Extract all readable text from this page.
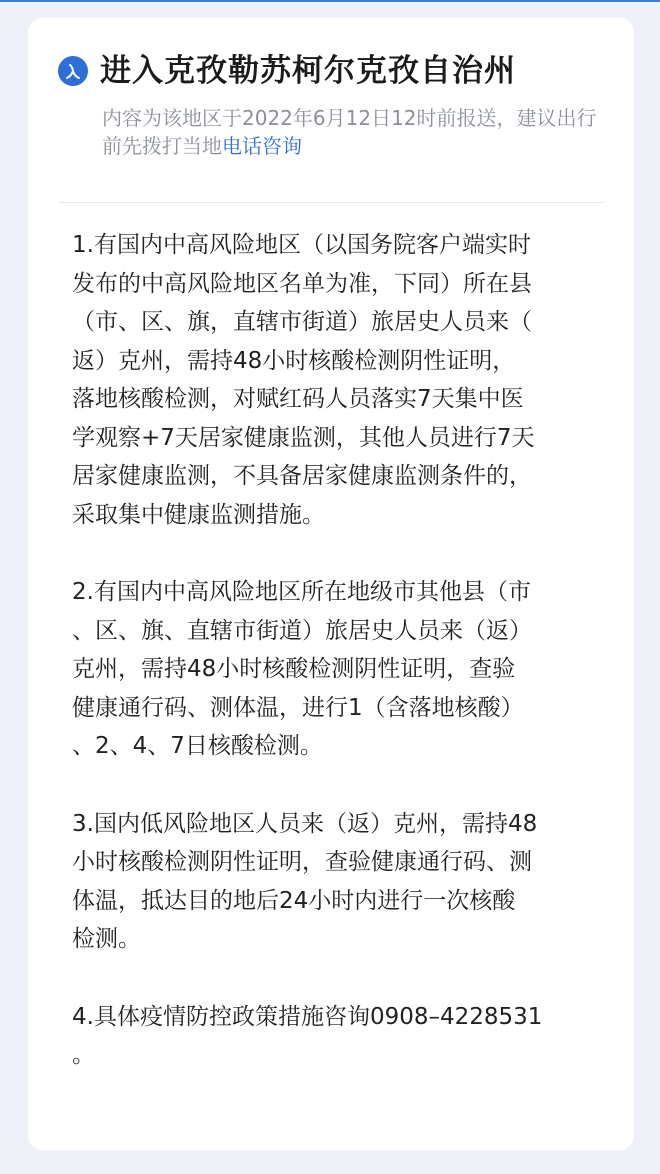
进入克孜勒苏柯尔克孜自治州
内容为该地区于2022年6月12日12时前报送，建议出行前先拨打当地电话咨询

1.有国内中高风险地区（以国务院客户端实时
发布的中高风险地区名单为准，下同）所在县
（市、区、旗，直辖市街道）旅居史人员来（
返）克州，需持48小时核酸检测阴性证明，
落地核酸检测，对赋红码人员落实7天集中医
学观察+7天居家健康监测，其他人员进行7天
居家健康监测，不具备居家健康监测条件的，
采取集中健康监测措施。

2.有国内中高风险地区所在地级市其他县（市
、区、旗、直辖市街道）旅居史人员来（返）
克州，需持48小时核酸检测阴性证明，查验
健康通行码、测体温，进行1（含落地核酸）
、2、4、7日核酸检测。

3.国内低风险地区人员来（返）克州，需持48
小时核酸检测阴性证明，查验健康通行码、测
体温，抵达目的地后24小时内进行一次核酸
检测。

4.具体疫情防控政策措施咨询0908–4228531
。
